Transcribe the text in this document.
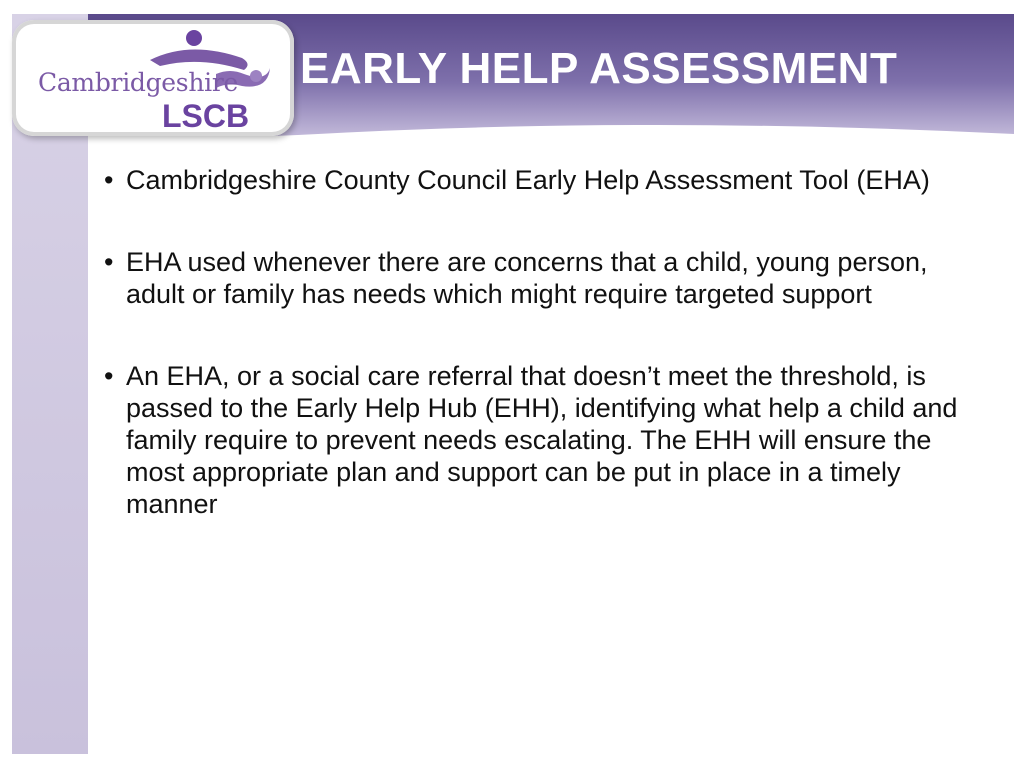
EARLY HELP ASSESSMENT
Cambridgeshire
LSCB
• Cambridgeshire County Council Early Help Assessment Tool (EHA)
• EHA used whenever there are concerns that a child, young person, adult or family has needs which might require targeted support
• An EHA, or a social care referral that doesn’t meet the threshold, is passed to the Early Help Hub (EHH), identifying what help a child and family require to prevent needs escalating. The EHH will ensure the most appropriate plan and support can be put in place in a timely manner
